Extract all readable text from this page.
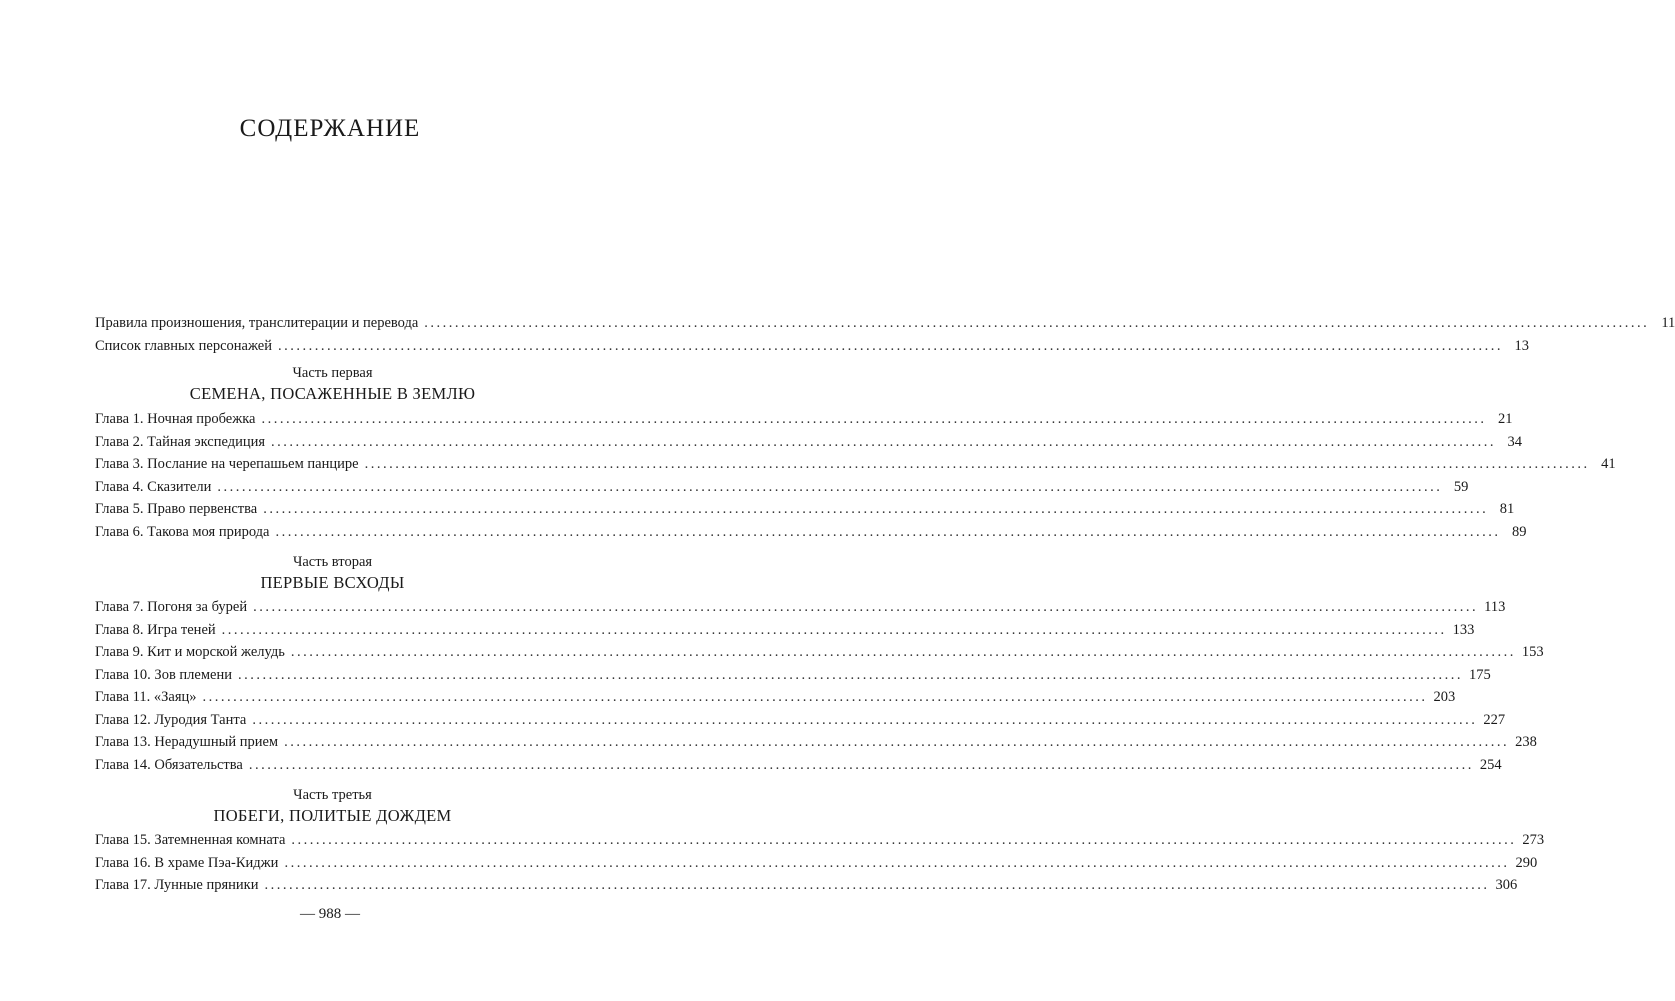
СОДЕРЖАНИЕ
Правила произношения, транслитерации и перевода ........................................................................................................................................................................................................ 11
Список главных персонажей ........................................................................................................................................................................................................ 13
Часть первая
СЕМЕНА, ПОСАЖЕННЫЕ В ЗЕМЛЮ
Глава 1. Ночная пробежка ........................................................................................................................................................................................................ 21
Глава 2. Тайная экспедиция ........................................................................................................................................................................................................ 34
Глава 3. Послание на черепашьем панцире ........................................................................................................................................................................................................ 41
Глава 4. Сказители ........................................................................................................................................................................................................ 59
Глава 5. Право первенства ........................................................................................................................................................................................................ 81
Глава 6. Такова моя природа ........................................................................................................................................................................................................ 89
Часть вторая
ПЕРВЫЕ ВСХОДЫ
Глава 7. Погоня за бурей ........................................................................................................................................................................................................ 113
Глава 8. Игра теней ........................................................................................................................................................................................................ 133
Глава 9. Кит и морской желудь ........................................................................................................................................................................................................ 153
Глава 10. Зов племени ........................................................................................................................................................................................................ 175
Глава 11. «Заяц» ........................................................................................................................................................................................................ 203
Глава 12. Луродия Танта ........................................................................................................................................................................................................ 227
Глава 13. Нерадушный прием ........................................................................................................................................................................................................ 238
Глава 14. Обязательства ........................................................................................................................................................................................................ 254
Часть третья
ПОБЕГИ, ПОЛИТЫЕ ДОЖДЕМ
Глава 15. Затемненная комната ........................................................................................................................................................................................................ 273
Глава 16. В храме Пэа-Киджи ........................................................................................................................................................................................................ 290
Глава 17. Лунные пряники ........................................................................................................................................................................................................ 306
— 988 —
